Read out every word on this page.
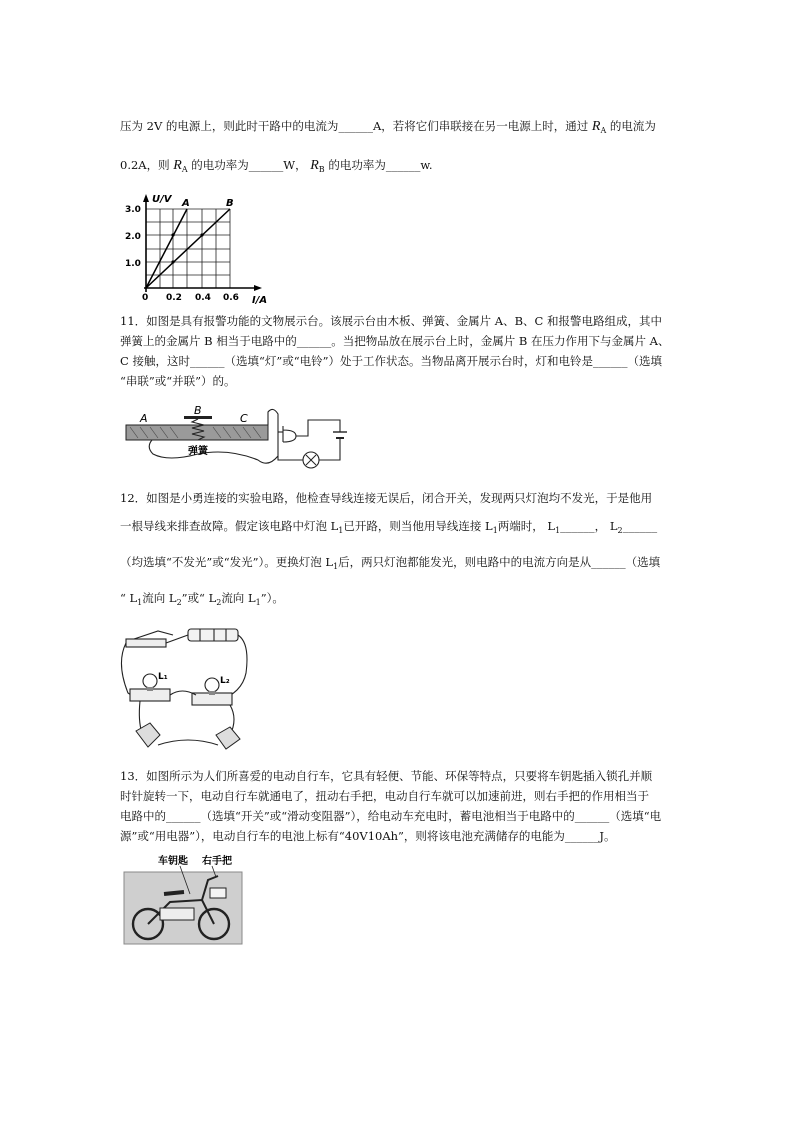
压为 2V 的电源上，则此时干路中的电流为______A，若将它们串联接在另一电源上时，通过 $R_A$ 的电流为
0.2A，则 $R_A$ 的电功率为______W， $R_B$ 的电功率为______w.
U/V
I/A
0
3.0
2.0
1.0
0.2 0.4 0.6
A	B
11．如图是具有报警功能的文物展示台。该展示台由木板、弹簧、金属片 A、B、C 和报警电路组成，其中
弹簧上的金属片 B 相当于电路中的______。当把物品放在展示台上时，金属片 B 在压力作用下与金属片 A、
C 接触，这时______（选填“灯”或“电铃”）处于工作状态。当物品离开展示台时，灯和电铃是______（选填
“串联”或“并联”）的。
A
B
C
弹簧
12．如图是小勇连接的实验电路，他检查导线连接无误后，闭合开关，发现两只灯泡均不发光，于是他用
一根导线来排查故障。假定该电路中灯泡 $L_1$已开路，则当他用导线连接 $L_1$两端时， $L_1\_\_\_\_\_\_$， $L_2\_\_\_\_\_\_$
（均选填“不发光”或“发光”）。更换灯泡 $L_1$后，两只灯泡都能发光，则电路中的电流方向是从______（选填
“ $L_1$流向 $L_2$”或“ $L_2$流向 $L_1$”）。
L₁	L₂
13．如图所示为人们所喜爱的电动自行车，它具有轻便、节能、环保等特点，只要将车钥匙插入锁孔并顺
时针旋转一下，电动自行车就通电了，扭动右手把，电动自行车就可以加速前进，则右手把的作用相当于
电路中的______（选填“开关”或“滑动变阻器”），给电动车充电时，蓄电池相当于电路中的______（选填“电
源”或“用电器”），电动自行车的电池上标有“40V10Ah”，则将该电池充满储存的电能为______J。
车钥匙 右手把
